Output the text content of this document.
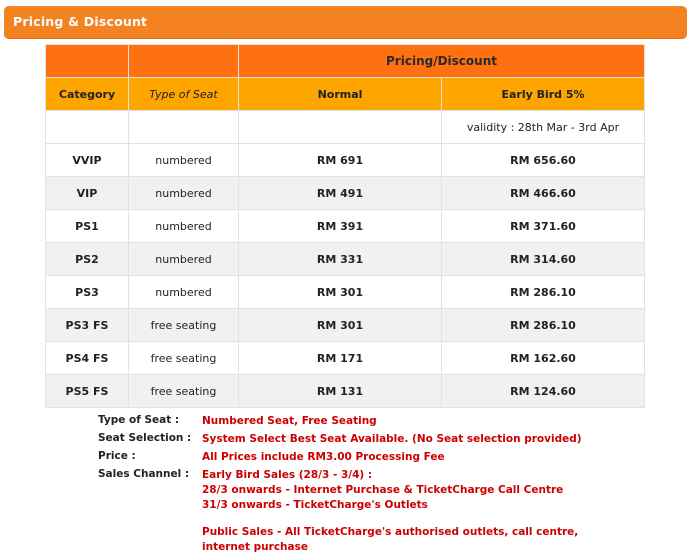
Pricing & Discount
		Pricing/Discount	
Category	Type of Seat	Normal	Early Bird 5%
			validity : 28th Mar - 3rd Apr
VVIP	numbered	RM 691	RM 656.60
VIP	numbered	RM 491	RM 466.60
PS1	numbered	RM 391	RM 371.60
PS2	numbered	RM 331	RM 314.60
PS3	numbered	RM 301	RM 286.10
PS3 FS	free seating	RM 301	RM 286.10
PS4 FS	free seating	RM 171	RM 162.60
PS5 FS	free seating	RM 131	RM 124.60
Type of Seat :	Numbered Seat, Free Seating
Seat Selection :	System Select Best Seat Available. (No Seat selection provided)
Price :	All Prices include RM3.00 Processing Fee
Sales Channel :	Early Bird Sales (28/3 - 3/4) :
28/3 onwards - Internet Purchase & TicketCharge Call Centre
31/3 onwards - TicketCharge's Outlets
Public Sales - All TicketCharge's authorised outlets, call centre, internet purchase
